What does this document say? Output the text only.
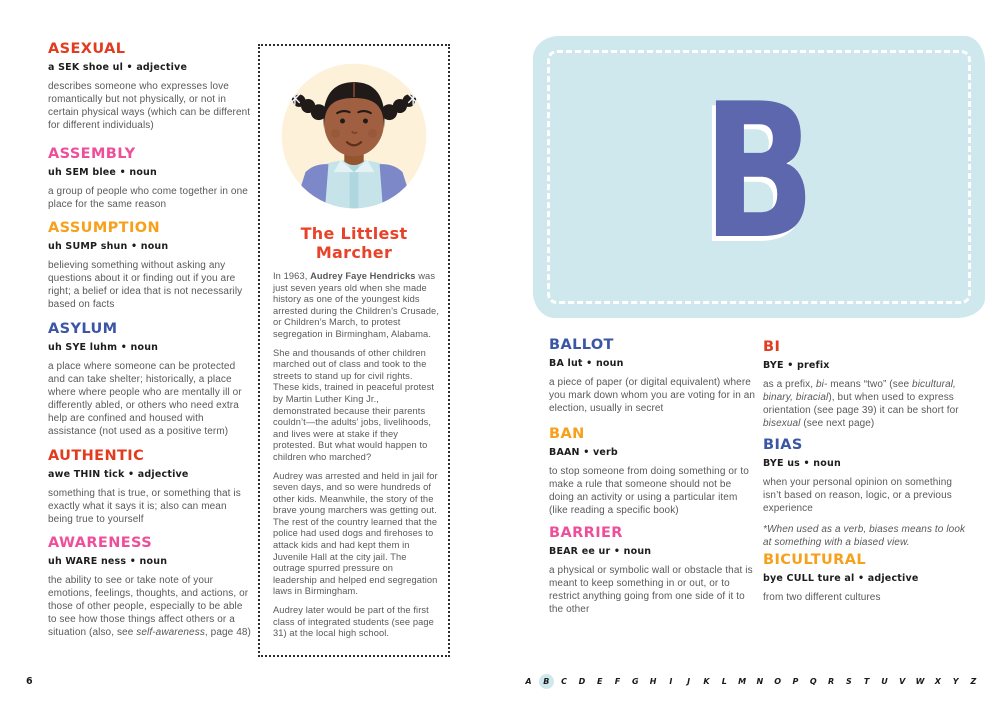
ASEXUAL

a SEK shoe ul • adjective

describes someone who expresses love romantically but not physically, or not in certain physical ways (which can be different for different individuals)

ASSEMBLY

uh SEM blee • noun

a group of people who come together in one place for the same reason

ASSUMPTION

uh SUMP shun • noun

believing something without asking any questions about it or finding out if you are right; a belief or idea that is not necessarily based on facts

ASYLUM

uh SYE luhm • noun

a place where someone can be protected and can take shelter; historically, a place where where people who are mentally ill or differently abled, or others who need extra help are confined and housed with assistance (not used as a positive term)

AUTHENTIC

awe THIN tick • adjective

something that is true, or something that is exactly what it says it is; also can mean being true to yourself

AWARENESS

uh WARE ness • noun

the ability to see or take note of your emotions, feelings, thoughts, and actions, or those of other people, especially to be able to see how those things affect others or a situation (also, see self-awareness, page 48)

The Littlest Marcher

In 1963, Audrey Faye Hendricks was just seven years old when she made history as one of the youngest kids arrested during the Children’s Crusade, or Children’s March, to protest segregation in Birmingham, Alabama.

She and thousands of other children marched out of class and took to the streets to stand up for civil rights. These kids, trained in peaceful protest by Martin Luther King Jr., demonstrated because their parents couldn’t—the adults’ jobs, livelihoods, and lives were at stake if they protested. But what would happen to children who marched?

Audrey was arrested and held in jail for seven days, and so were hundreds of other kids. Meanwhile, the story of the brave young marchers was getting out. The rest of the country learned that the police had used dogs and firehoses to attack kids and had kept them in Juvenile Hall at the city jail. The outrage spurred pressure on leadership and helped end segregation laws in Birmingham.

Audrey later would be part of the first class of integrated students (see page 31) at the local high school.

B
BALLOT

BA lut • noun

a piece of paper (or digital equivalent) where you mark down whom you are voting for in an election, usually in secret

BAN

BAAN • verb

to stop someone from doing something or to make a rule that someone should not be doing an activity or using a particular item (like reading a specific book)

BARRIER

BEAR ee ur • noun

a physical or symbolic wall or obstacle that is meant to keep something in or out, or to restrict anything going from one side of it to the other

BI

BYE • prefix

as a prefix, bi- means “two” (see bicultural, binary, biracial), but when used to express orientation (see page 39) it can be short for bisexual (see next page)

BIAS

BYE us • noun

when your personal opinion on something isn’t based on reason, logic, or a previous experience

*When used as a verb, biases means to look at something with a biased view.

BICULTURAL

bye CULL ture al • adjective

from two different cultures

6	A	B	C	D	E	F	G	H	I	J	K	L	M	N	O	P	Q	R	S	T	U	V	W	X	Y	Z
